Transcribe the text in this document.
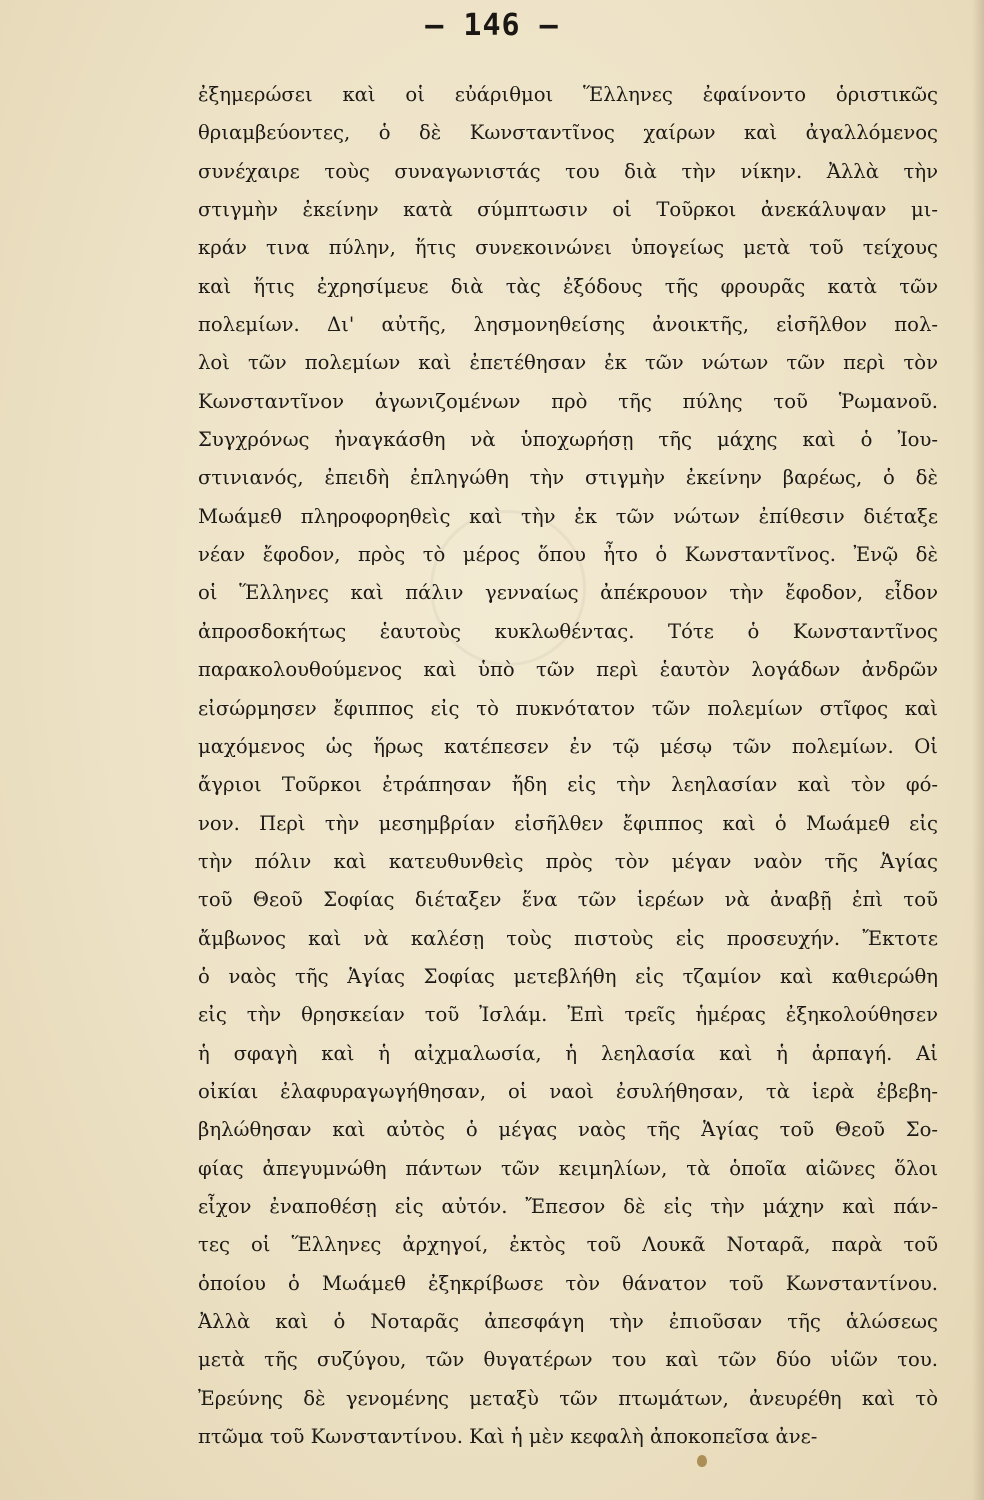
— 146 —
ἐξημερώσει καὶ οἱ εὐάριθμοι Ἕλληνες ἐφαίνοντο ὁριστικῶς
θριαμβεύοντες, ὁ δὲ Κωνσταντῖνος χαίρων καὶ ἀγαλλόμενος
συνέχαιρε τοὺς συναγωνιστάς του διὰ τὴν νίκην. Ἀλλὰ τὴν
στιγμὴν ἐκείνην κατὰ σύμπτωσιν οἱ Τοῦρκοι ἀνεκάλυψαν μι-
κράν τινα πύλην, ἥτις συνεκοινώνει ὑπογείως μετὰ τοῦ τείχους
καὶ ἥτις ἐχρησίμευε διὰ τὰς ἐξόδους τῆς φρουρᾶς κατὰ τῶν
πολεμίων. Δι' αὐτῆς, λησμονηθείσης ἀνοικτῆς, εἰσῆλθον πολ-
λοὶ τῶν πολεμίων καὶ ἐπετέθησαν ἐκ τῶν νώτων τῶν περὶ τὸν
Κωνσταντῖνον ἀγωνιζομένων πρὸ τῆς πύλης τοῦ Ῥωμανοῦ.
Συγχρόνως ἠναγκάσθη νὰ ὑποχωρήσῃ τῆς μάχης καὶ ὁ Ἰου-
στινιανός, ἐπειδὴ ἐπληγώθη τὴν στιγμὴν ἐκείνην βαρέως, ὁ δὲ
Μωάμεθ πληροφορηθεὶς καὶ τὴν ἐκ τῶν νώτων ἐπίθεσιν διέταξε
νέαν ἔφοδον, πρὸς τὸ μέρος ὅπου ἦτο ὁ Κωνσταντῖνος. Ἐνῷ δὲ
οἱ Ἕλληνες καὶ πάλιν γενναίως ἀπέκρουον τὴν ἔφοδον, εἶδον
ἀπροσδοκήτως ἑαυτοὺς κυκλωθέντας. Τότε ὁ Κωνσταντῖνος
παρακολουθούμενος καὶ ὑπὸ τῶν περὶ ἑαυτὸν λογάδων ἀνδρῶν
εἰσώρμησεν ἔφιππος εἰς τὸ πυκνότατον τῶν πολεμίων στῖφος καὶ
μαχόμενος ὡς ἥρως κατέπεσεν ἐν τῷ μέσῳ τῶν πολεμίων. Οἱ
ἄγριοι Τοῦρκοι ἐτράπησαν ἤδη εἰς τὴν λεηλασίαν καὶ τὸν φό-
νον. Περὶ τὴν μεσημβρίαν εἰσῆλθεν ἔφιππος καὶ ὁ Μωάμεθ εἰς
τὴν πόλιν καὶ κατευθυνθεὶς πρὸς τὸν μέγαν ναὸν τῆς Ἁγίας
τοῦ Θεοῦ Σοφίας διέταξεν ἕνα τῶν ἱερέων νὰ ἀναβῇ ἐπὶ τοῦ
ἄμβωνος καὶ νὰ καλέσῃ τοὺς πιστοὺς εἰς προσευχήν. Ἔκτοτε
ὁ ναὸς τῆς Ἁγίας Σοφίας μετεβλήθη εἰς τζαμίον καὶ καθιερώθη
εἰς τὴν θρησκείαν τοῦ Ἰσλάμ. Ἐπὶ τρεῖς ἡμέρας ἐξηκολούθησεν
ἡ σφαγὴ καὶ ἡ αἰχμαλωσία, ἡ λεηλασία καὶ ἡ ἁρπαγή. Αἱ
οἰκίαι ἐλαφυραγωγήθησαν, οἱ ναοὶ ἐσυλήθησαν, τὰ ἱερὰ ἐβεβη-
βηλώθησαν καὶ αὐτὸς ὁ μέγας ναὸς τῆς Ἁγίας τοῦ Θεοῦ Σο-
φίας ἀπεγυμνώθη πάντων τῶν κειμηλίων, τὰ ὁποῖα αἰῶνες ὅλοι
εἶχον ἐναποθέσῃ εἰς αὐτόν. Ἔπεσον δὲ εἰς τὴν μάχην καὶ πάν-
τες οἱ Ἕλληνες ἀρχηγοί, ἐκτὸς τοῦ Λουκᾶ Νοταρᾶ, παρὰ τοῦ
ὁποίου ὁ Μωάμεθ ἐξηκρίβωσε τὸν θάνατον τοῦ Κωνσταντίνου.
Ἀλλὰ καὶ ὁ Νοταρᾶς ἀπεσφάγη τὴν ἐπιοῦσαν τῆς ἁλώσεως
μετὰ τῆς συζύγου, τῶν θυγατέρων του καὶ τῶν δύο υἱῶν του.
Ἐρεύνης δὲ γενομένης μεταξὺ τῶν πτωμάτων, ἀνευρέθη καὶ τὸ
πτῶμα τοῦ Κωνσταντίνου. Καὶ ἡ μὲν κεφαλὴ ἀποκοπεῖσα ἀνε-
